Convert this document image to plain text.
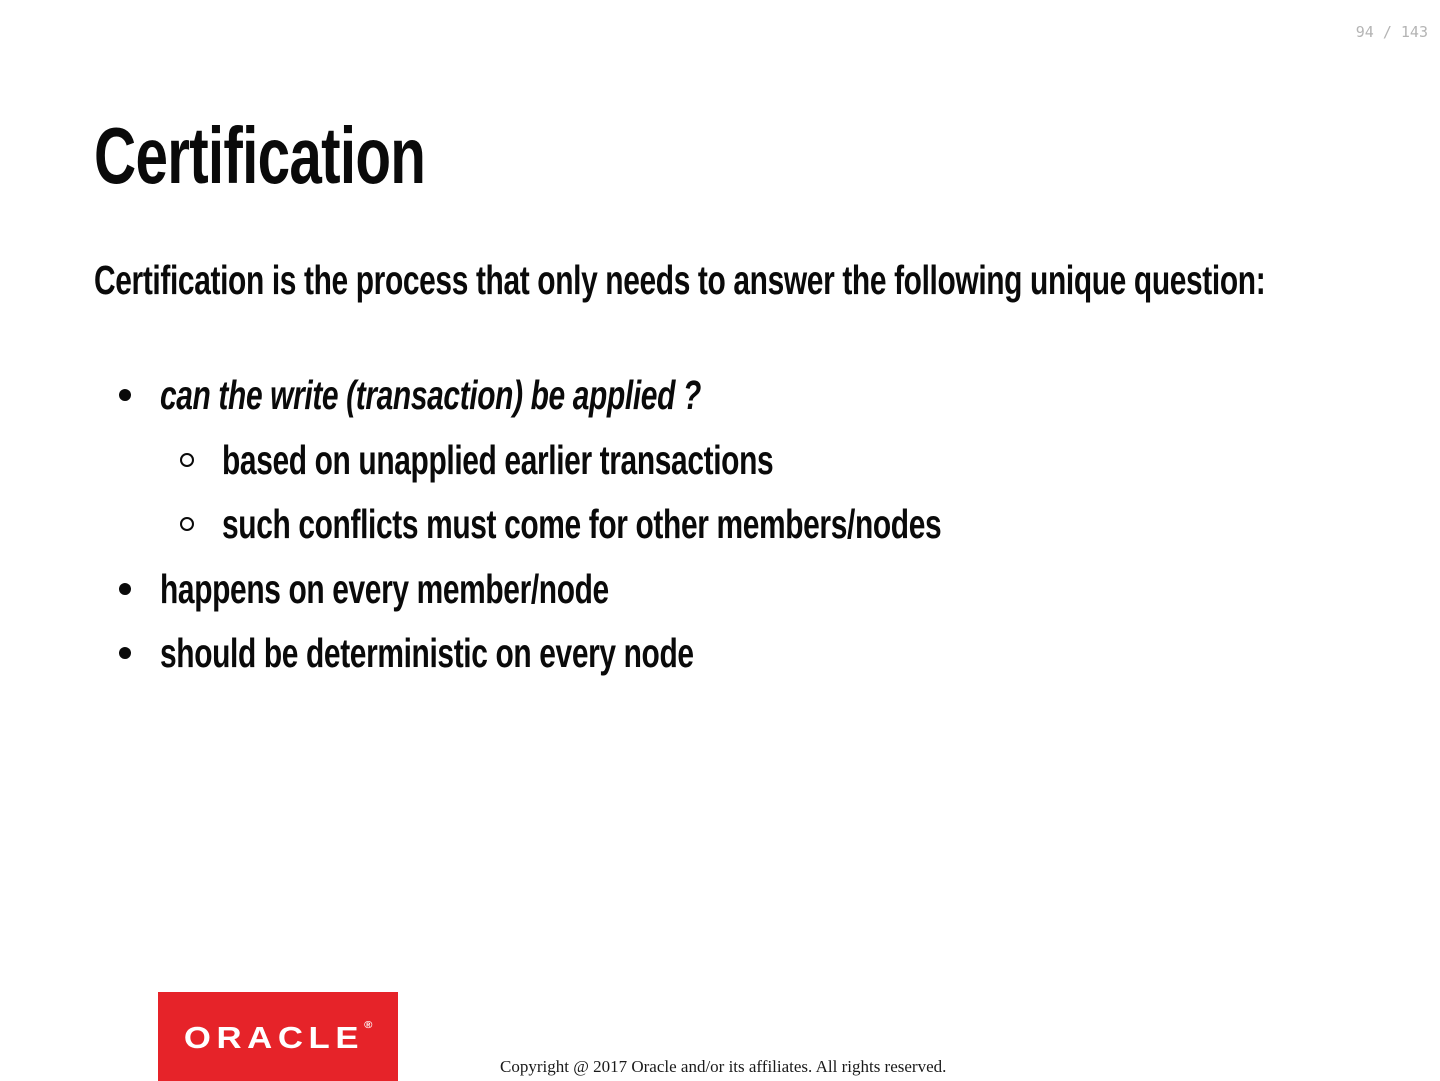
94 / 143
Certification

Certification is the process that only needs to answer the following unique question:

can the write (transaction) be applied ?
based on unapplied earlier transactions
such conflicts must come for other members/nodes
happens on every member/node
should be deterministic on every node
ORACLE®
Copyright @ 2017 Oracle and/or its affiliates. All rights reserved.
